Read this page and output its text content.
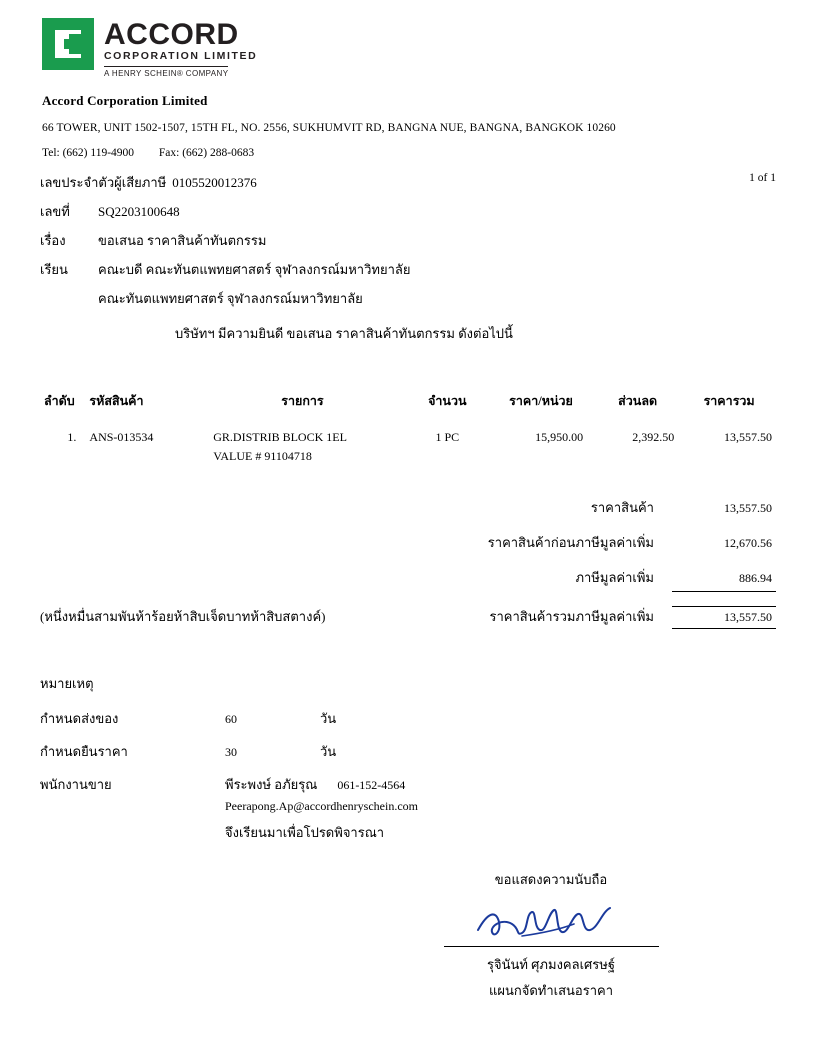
ACCORD
CORPORATION LIMITED
A HENRY SCHEIN® COMPANY
Accord Corporation Limited
66 TOWER, UNIT 1502-1507, 15TH FL, NO. 2556, SUKHUMVIT RD, BANGNA NUE, BANGNA, BANGKOK 10260
Tel: (662) 119-4900 Fax: (662) 288-0683
1 of 1
เลขประจำตัวผู้เสียภาษี 0105520012376
เลขที่	SQ2203100648
เรื่อง	ขอเสนอ ราคาสินค้าทันตกรรม
เรียน	คณะบดี คณะทันตแพทยศาสตร์ จุฬาลงกรณ์มหาวิทยาลัย
คณะทันตแพทยศาสตร์ จุฬาลงกรณ์มหาวิทยาลัย
บริษัทฯ มีความยินดี ขอเสนอ ราคาสินค้าทันตกรรม ดังต่อไปนี้
ลำดับ	รหัสสินค้า	รายการ	จำนวน	ราคา/หน่วย	ส่วนลด	ราคารวม
1.	ANS-013534	GR.DISTRIB BLOCK 1EL	1 PC	15,950.00	2,392.50	13,557.50
		VALUE # 91104718				
ราคาสินค้า	13,557.50
ราคาสินค้าก่อนภาษีมูลค่าเพิ่ม	12,670.56
ภาษีมูลค่าเพิ่ม	886.94
(หนึ่งหมื่นสามพันห้าร้อยห้าสิบเจ็ดบาทห้าสิบสตางค์)	ราคาสินค้ารวมภาษีมูลค่าเพิ่ม	13,557.50
หมายเหตุ
กำหนดส่งของ	60	วัน
กำหนดยืนราคา	30	วัน
พนักงานขาย	พีระพงษ์ อภัยรุณ 061-152-4564
Peerapong.Ap@accordhenryschein.com
จึงเรียนมาเพื่อโปรดพิจารณา
ขอแสดงความนับถือ
รุจินันท์ ศุภมงคลเศรษฐ์
แผนกจัดทำเสนอราคา
